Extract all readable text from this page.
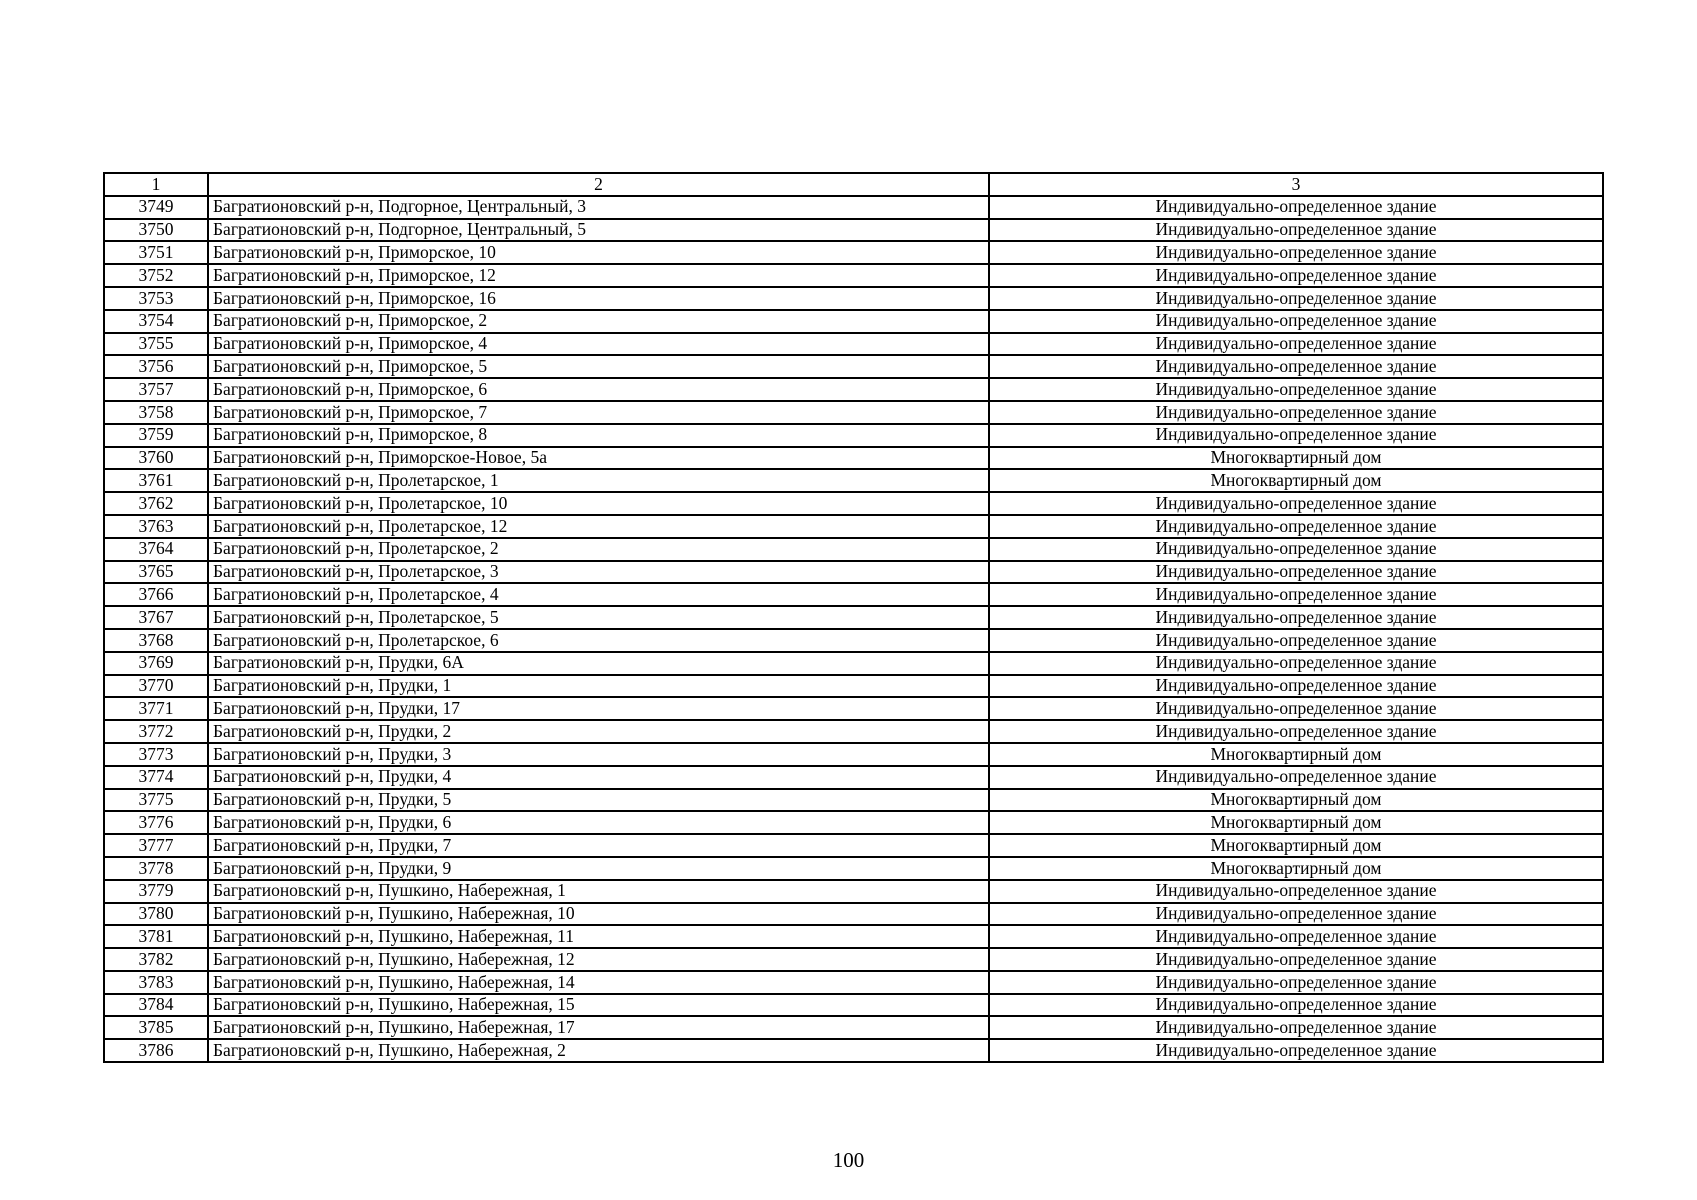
1	2	3
3749	Багратионовский р-н, Подгорное, Центральный, 3	Индивидуально-определенное здание
3750	Багратионовский р-н, Подгорное, Центральный, 5	Индивидуально-определенное здание
3751	Багратионовский р-н, Приморское, 10	Индивидуально-определенное здание
3752	Багратионовский р-н, Приморское, 12	Индивидуально-определенное здание
3753	Багратионовский р-н, Приморское, 16	Индивидуально-определенное здание
3754	Багратионовский р-н, Приморское, 2	Индивидуально-определенное здание
3755	Багратионовский р-н, Приморское, 4	Индивидуально-определенное здание
3756	Багратионовский р-н, Приморское, 5	Индивидуально-определенное здание
3757	Багратионовский р-н, Приморское, 6	Индивидуально-определенное здание
3758	Багратионовский р-н, Приморское, 7	Индивидуально-определенное здание
3759	Багратионовский р-н, Приморское, 8	Индивидуально-определенное здание
3760	Багратионовский р-н, Приморское-Новое, 5а	Многоквартирный дом
3761	Багратионовский р-н, Пролетарское, 1	Многоквартирный дом
3762	Багратионовский р-н, Пролетарское, 10	Индивидуально-определенное здание
3763	Багратионовский р-н, Пролетарское, 12	Индивидуально-определенное здание
3764	Багратионовский р-н, Пролетарское, 2	Индивидуально-определенное здание
3765	Багратионовский р-н, Пролетарское, 3	Индивидуально-определенное здание
3766	Багратионовский р-н, Пролетарское, 4	Индивидуально-определенное здание
3767	Багратионовский р-н, Пролетарское, 5	Индивидуально-определенное здание
3768	Багратионовский р-н, Пролетарское, 6	Индивидуально-определенное здание
3769	Багратионовский р-н, Прудки, 6А	Индивидуально-определенное здание
3770	Багратионовский р-н, Прудки, 1	Индивидуально-определенное здание
3771	Багратионовский р-н, Прудки, 17	Индивидуально-определенное здание
3772	Багратионовский р-н, Прудки, 2	Индивидуально-определенное здание
3773	Багратионовский р-н, Прудки, 3	Многоквартирный дом
3774	Багратионовский р-н, Прудки, 4	Индивидуально-определенное здание
3775	Багратионовский р-н, Прудки, 5	Многоквартирный дом
3776	Багратионовский р-н, Прудки, 6	Многоквартирный дом
3777	Багратионовский р-н, Прудки, 7	Многоквартирный дом
3778	Багратионовский р-н, Прудки, 9	Многоквартирный дом
3779	Багратионовский р-н, Пушкино, Набережная, 1	Индивидуально-определенное здание
3780	Багратионовский р-н, Пушкино, Набережная, 10	Индивидуально-определенное здание
3781	Багратионовский р-н, Пушкино, Набережная, 11	Индивидуально-определенное здание
3782	Багратионовский р-н, Пушкино, Набережная, 12	Индивидуально-определенное здание
3783	Багратионовский р-н, Пушкино, Набережная, 14	Индивидуально-определенное здание
3784	Багратионовский р-н, Пушкино, Набережная, 15	Индивидуально-определенное здание
3785	Багратионовский р-н, Пушкино, Набережная, 17	Индивидуально-определенное здание
3786	Багратионовский р-н, Пушкино, Набережная, 2	Индивидуально-определенное здание
100
